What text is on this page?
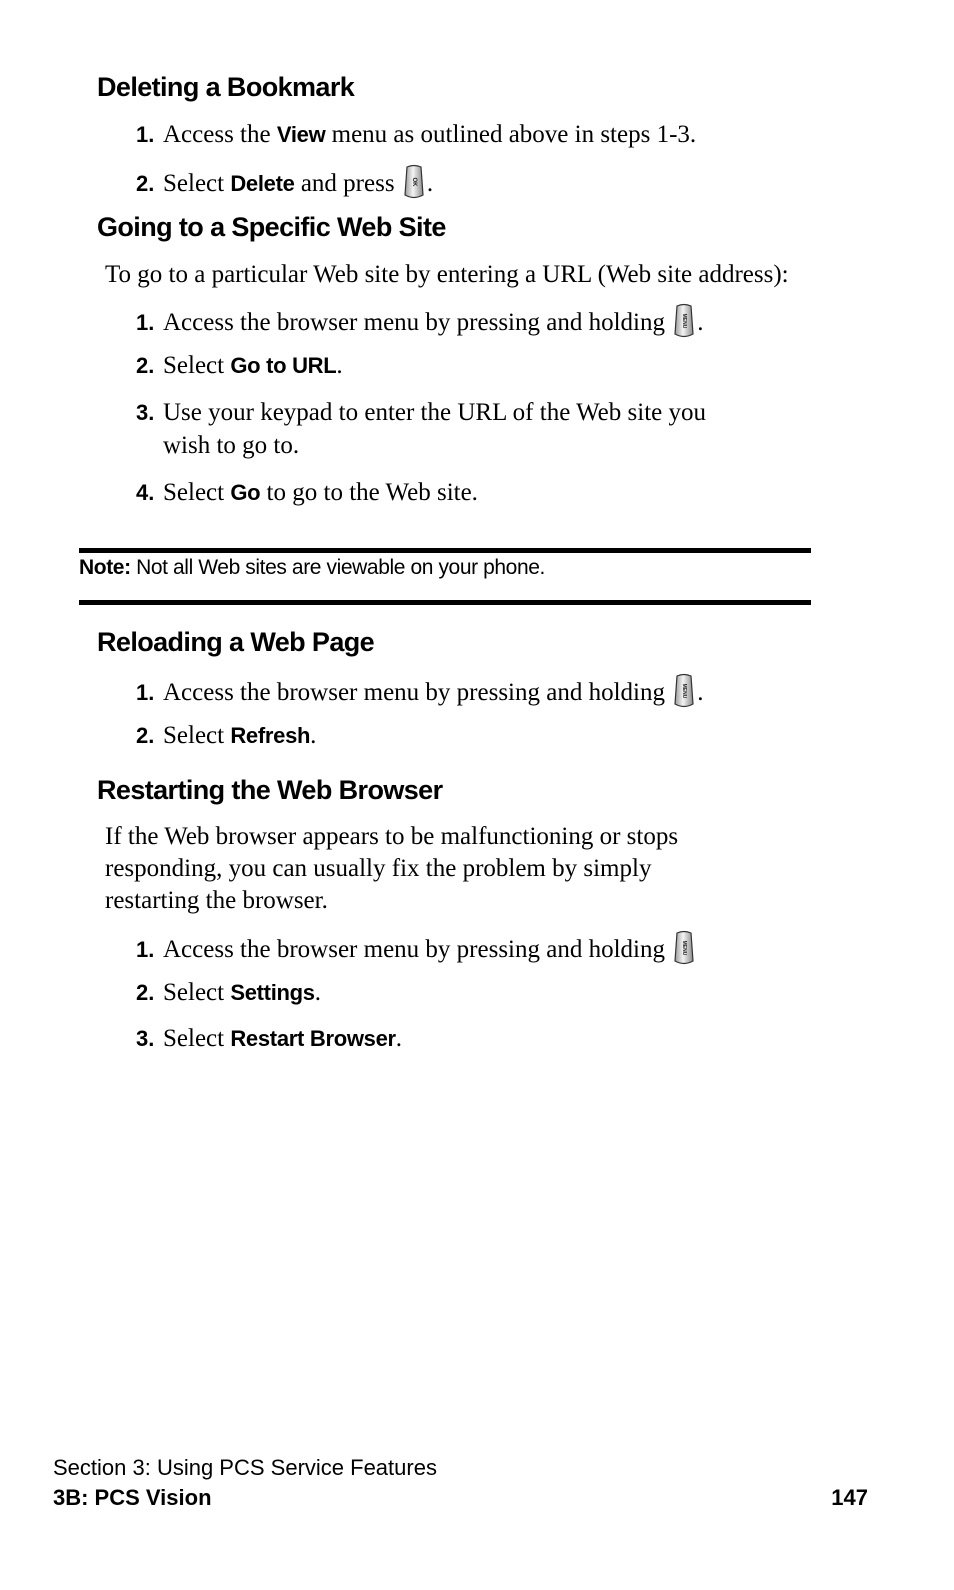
Deleting a Bookmark
1. Access the View menu as outlined above in steps 1-3.
2. Select Delete and press OK .
Going to a Specific Web Site
To go to a particular Web site by entering a URL (Web site address):
1. Access the browser menu by pressing and holding MENU .
2. Select Go to URL.
3. Use your keypad to enter the URL of the Web site you
wish to go to.
4. Select Go to go to the Web site.
Note: Not all Web sites are viewable on your phone.
Reloading a Web Page
1. Access the browser menu by pressing and holding MENU .
2. Select Refresh.
Restarting the Web Browser
If the Web browser appears to be malfunctioning or stops
responding, you can usually fix the problem by simply
restarting the browser.
1. Access the browser menu by pressing and holding MENU
2. Select Settings.
3. Select Restart Browser.
Section 3: Using PCS Service Features
3B: PCS Vision	147
